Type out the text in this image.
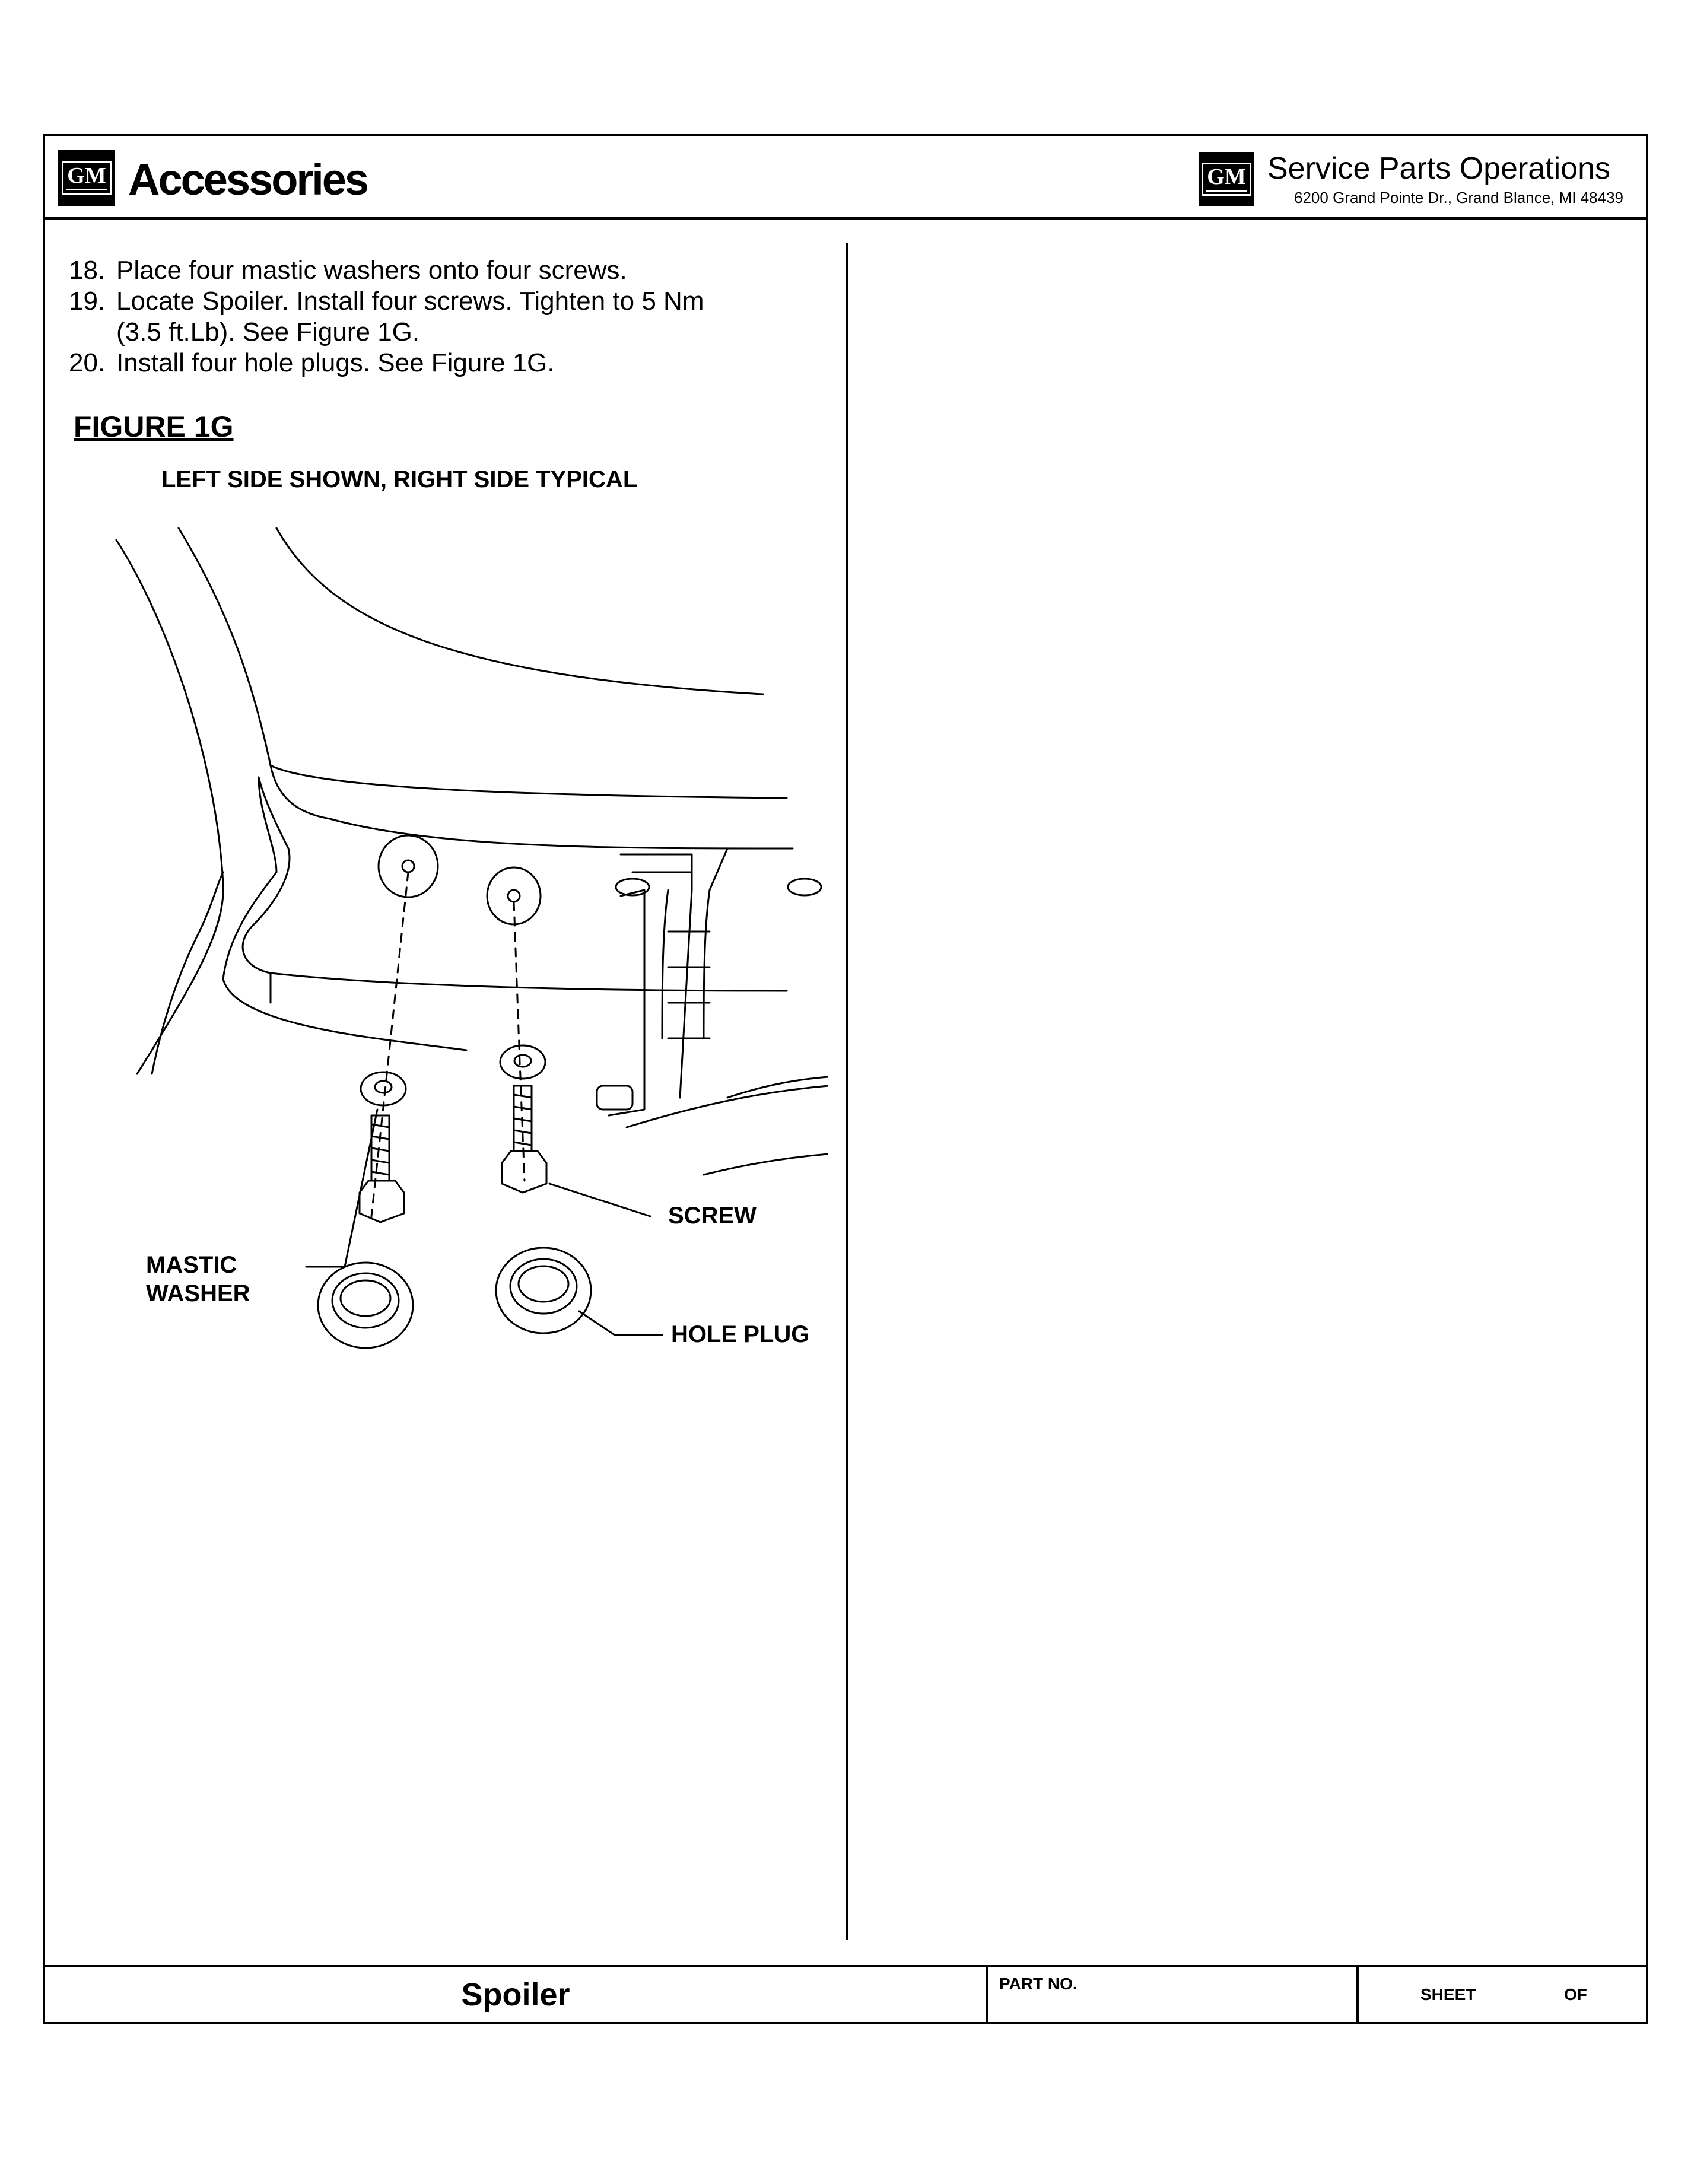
GM Accessories	GM Service Parts Operations
6200 Grand Pointe Dr., Grand Blance, MI 48439
18. Place four mastic washers onto four screws.
19. Locate Spoiler. Install four screws. Tighten to 5 Nm
(3.5 ft.Lb). See Figure 1G.
20. Install four hole plugs. See Figure 1G.
FIGURE 1G
LEFT SIDE SHOWN, RIGHT SIDE TYPICAL
MASTIC
WASHER
SCREW
HOLE PLUG
Spoiler	PART NO.
SHEET	OF
